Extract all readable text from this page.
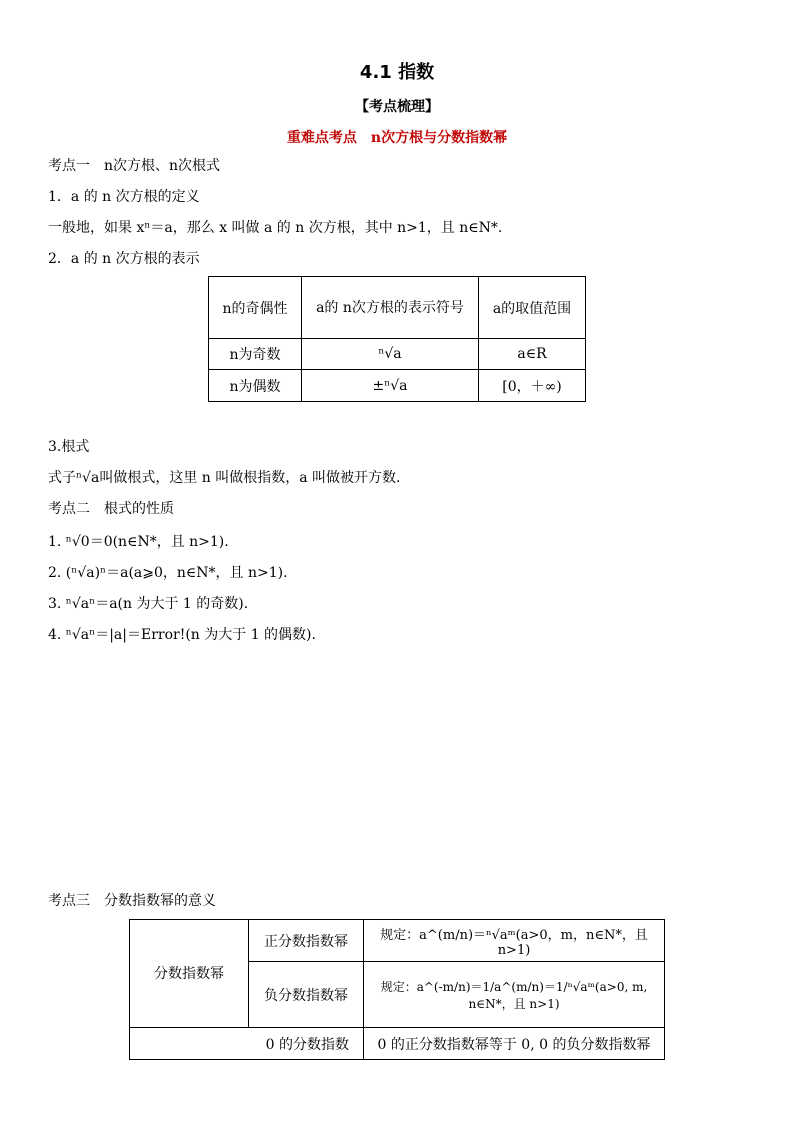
4.1 指数
【考点梳理】
重难点考点　n次方根与分数指数幂
考点一　n次方根、n次根式
1．a 的 n 次方根的定义
一般地，如果 xⁿ＝a，那么 x 叫做 a 的 n 次方根，其中 n>1，且 n∈N*.
2．a 的 n 次方根的表示
n的奇偶性	a的 n次方根的表示符号	a的取值范围
n为奇数	ⁿ√a	a∈R
n为偶数	±ⁿ√a	[0，＋∞)
3.根式
式子ⁿ√a叫做根式，这里 n 叫做根指数，a 叫做被开方数.
考点二　根式的性质
1. ⁿ√0＝0(n∈N*，且 n>1).
2. (ⁿ√a)ⁿ＝a(a⩾0，n∈N*，且 n>1).
3. ⁿ√aⁿ＝a(n 为大于 1 的奇数).
4. ⁿ√aⁿ＝|a|＝Error!(n 为大于 1 的偶数).
考点三　分数指数幂的意义
分数指数幂	正分数指数幂	规定：a^(m/n)＝ⁿ√aᵐ(a>0，m，n∈N*，且 n>1)
	负分数指数幂	规定：a^(-m/n)＝1/a^(m/n)＝1/ⁿ√aᵐ(a>0, m, n∈N*，且 n>1)
0 的分数指数		0 的正分数指数幂等于 0, 0 的负分数指数幂
